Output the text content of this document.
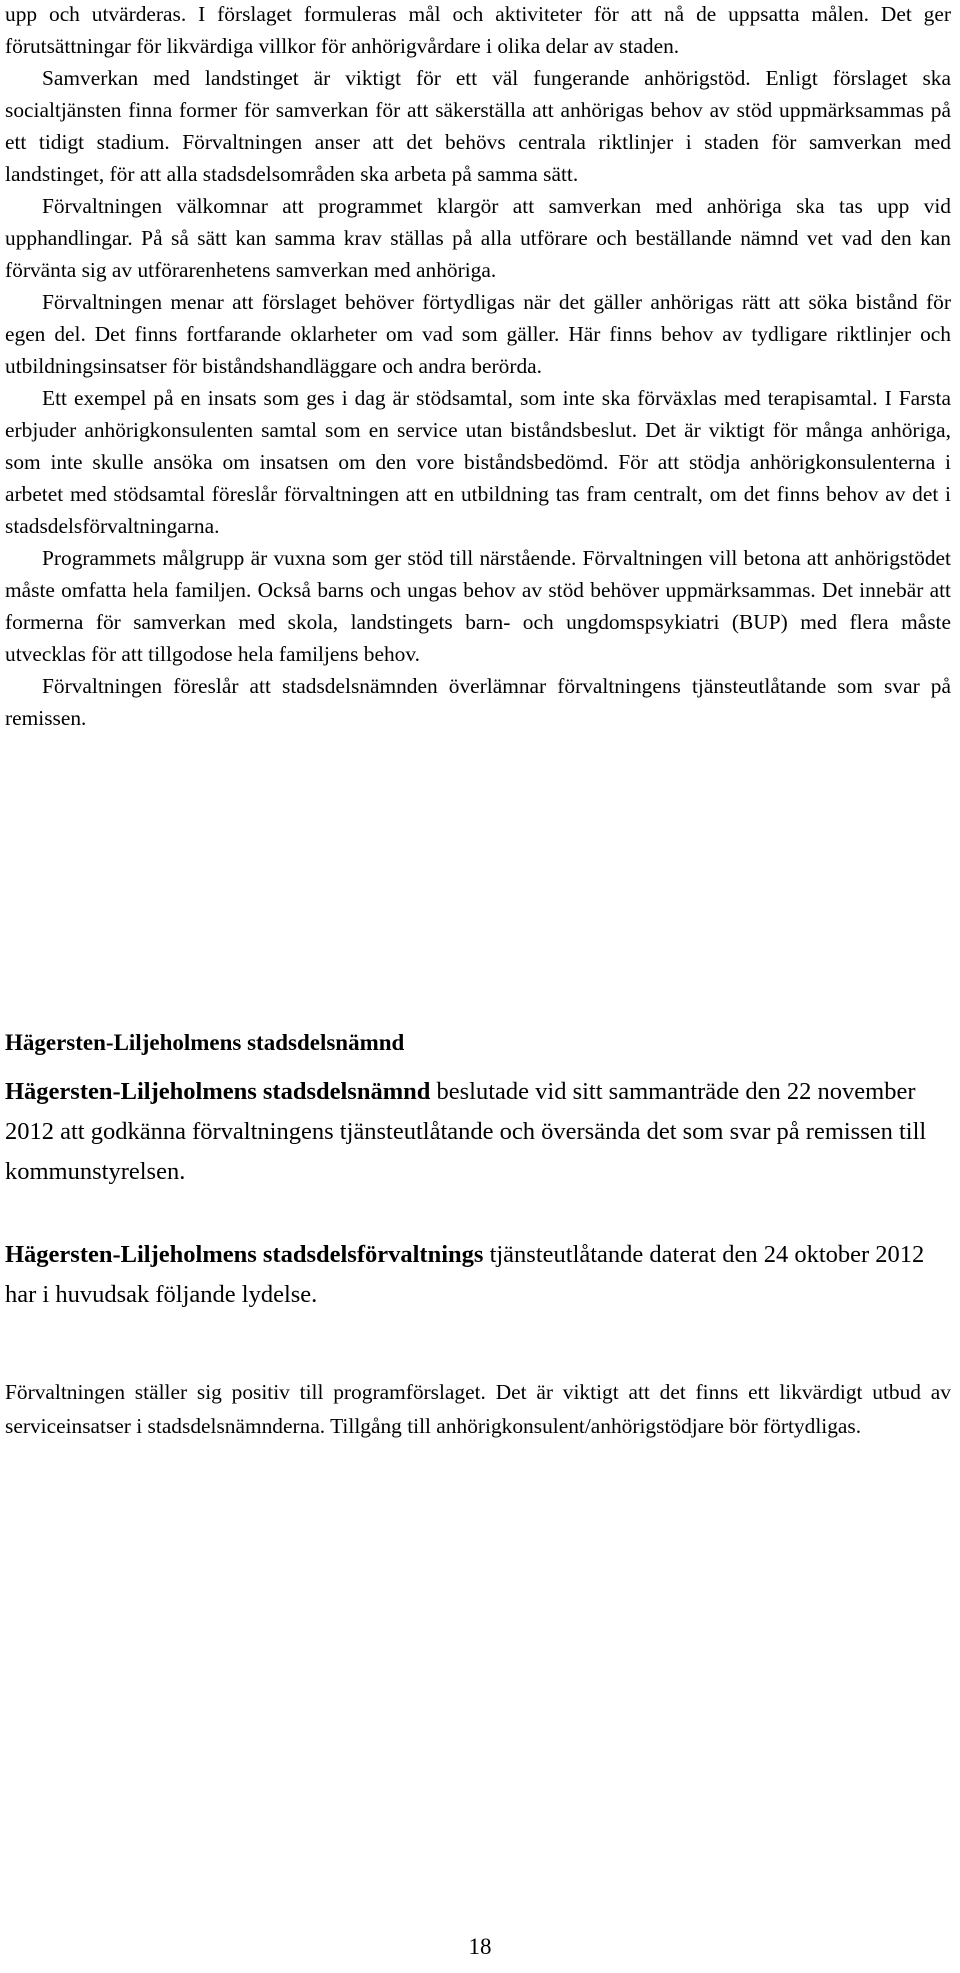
upp och utvärderas. I förslaget formuleras mål och aktiviteter för att nå de uppsatta målen. Det ger förutsättningar för likvärdiga villkor för anhörigvårdare i olika delar av staden.

Samverkan med landstinget är viktigt för ett väl fungerande anhörigstöd. Enligt förslaget ska socialtjänsten finna former för samverkan för att säkerställa att anhörigas behov av stöd uppmärksammas på ett tidigt stadium. Förvaltningen anser att det behövs centrala riktlinjer i staden för samverkan med landstinget, för att alla stadsdelsområden ska arbeta på samma sätt.

Förvaltningen välkomnar att programmet klargör att samverkan med anhöriga ska tas upp vid upphandlingar. På så sätt kan samma krav ställas på alla utförare och beställande nämnd vet vad den kan förvänta sig av utförarenhetens samverkan med anhöriga.

Förvaltningen menar att förslaget behöver förtydligas när det gäller anhörigas rätt att söka bistånd för egen del. Det finns fortfarande oklarheter om vad som gäller. Här finns behov av tydligare riktlinjer och utbildningsinsatser för biståndshandläggare och andra berörda.

Ett exempel på en insats som ges i dag är stödsamtal, som inte ska förväxlas med terapisamtal. I Farsta erbjuder anhörigkonsulenten samtal som en service utan biståndsbeslut. Det är viktigt för många anhöriga, som inte skulle ansöka om insatsen om den vore biståndsbedömd. För att stödja anhörigkonsulenterna i arbetet med stödsamtal föreslår förvaltningen att en utbildning tas fram centralt, om det finns behov av det i stadsdelsförvaltningarna.

Programmets målgrupp är vuxna som ger stöd till närstående. Förvaltningen vill betona att anhörigstödet måste omfatta hela familjen. Också barns och ungas behov av stöd behöver uppmärksammas. Det innebär att formerna för samverkan med skola, landstingets barn- och ungdomspsykiatri (BUP) med flera måste utvecklas för att tillgodose hela familjens behov.

Förvaltningen föreslår att stadsdelsnämnden överlämnar förvaltningens tjänsteutlåtande som svar på remissen.

Hägersten-Liljeholmens stadsdelsnämnd

Hägersten-Liljeholmens stadsdelsnämnd beslutade vid sitt sammanträde den 22 november 2012 att godkänna förvaltningens tjänsteutlåtande och översända det som svar på remissen till kommunstyrelsen.

Hägersten-Liljeholmens stadsdelsförvaltnings tjänsteutlåtande daterat den 24 oktober 2012 har i huvudsak följande lydelse.

Förvaltningen ställer sig positiv till programförslaget. Det är viktigt att det finns ett likvärdigt utbud av serviceinsatser i stadsdelsnämnderna. Tillgång till anhörigkonsulent/anhörigstödjare bör förtydligas.

18
